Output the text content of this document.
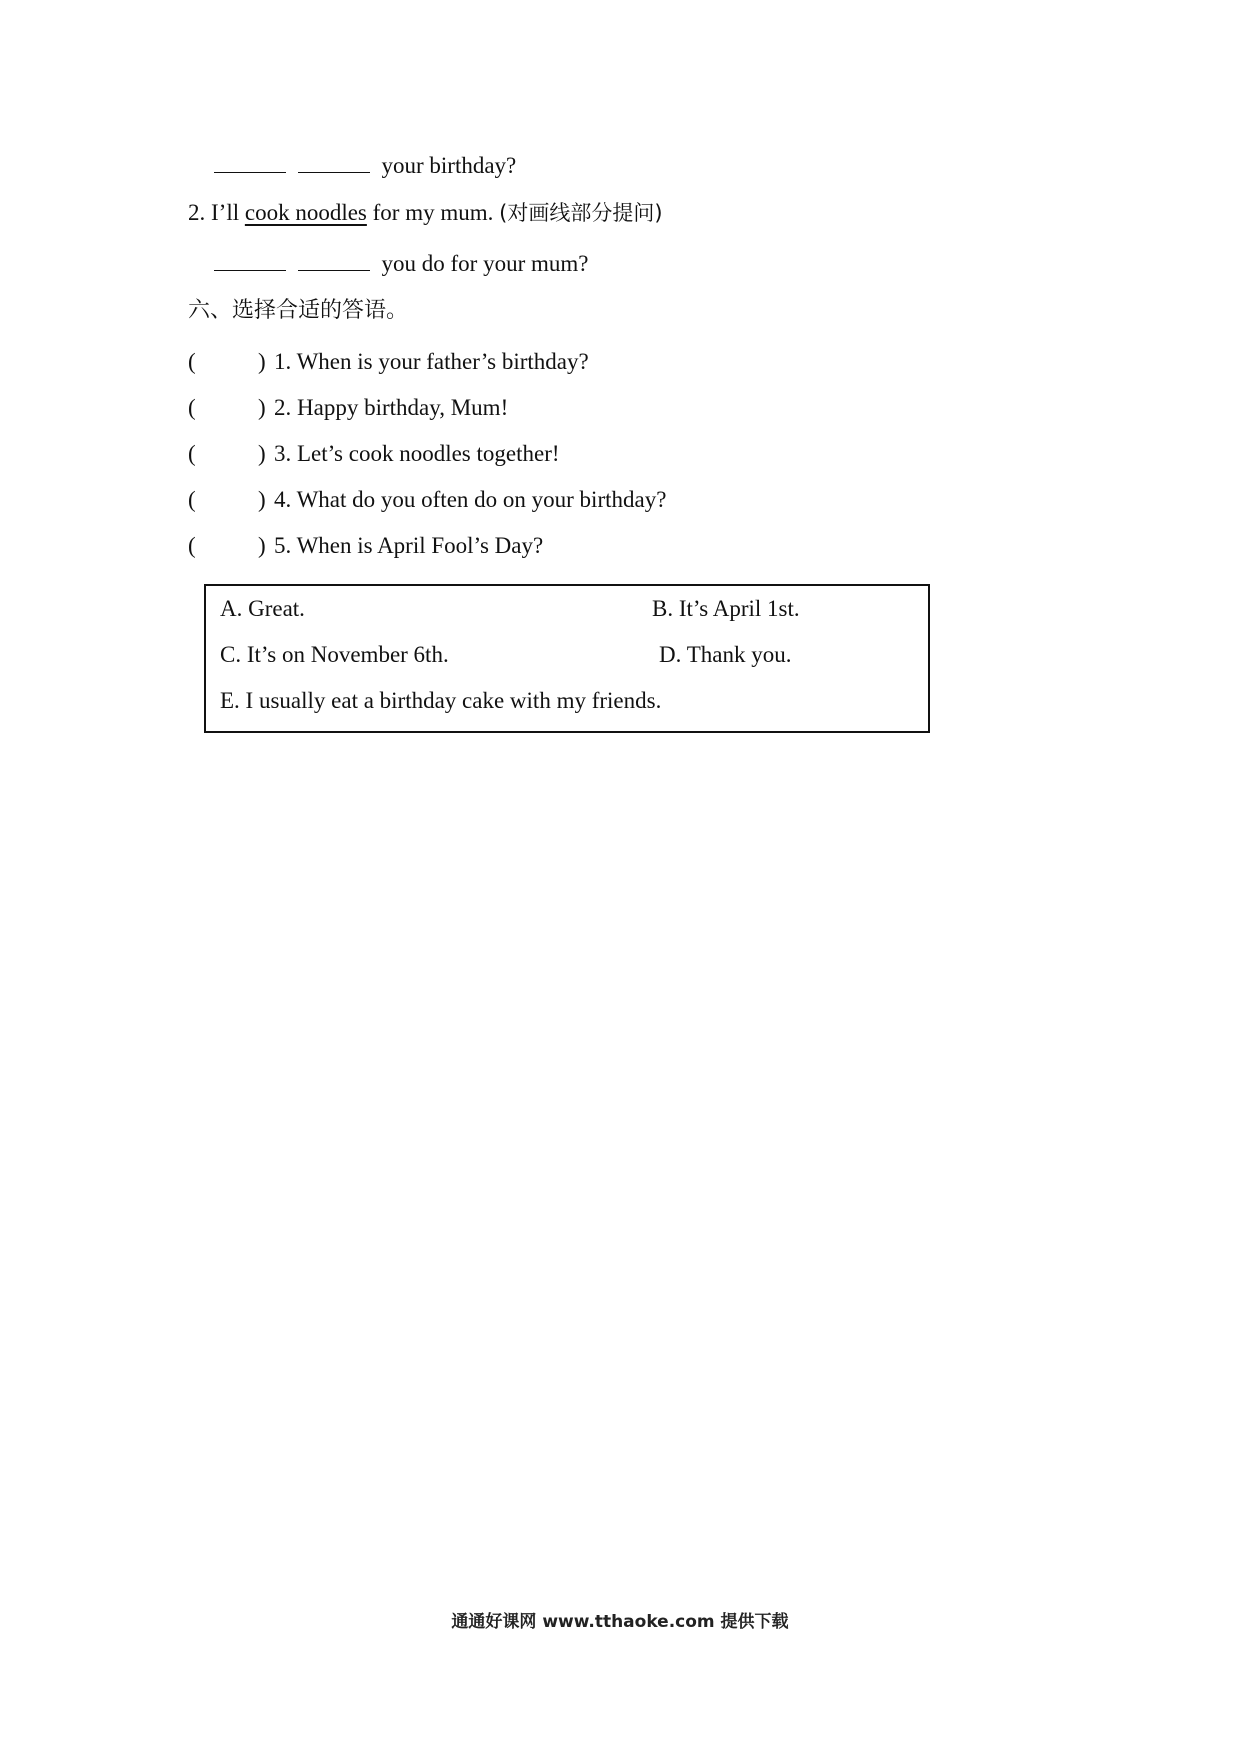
your birthday?
2. I’ll cook noodles for my mum. (对画线部分提问)
you do for your mum?
六、选择合适的答语。
(	) 1. When is your father’s birthday?
(	) 2. Happy birthday, Mum!
(	) 3. Let’s cook noodles together!
(	) 4. What do you often do on your birthday?
(	) 5. When is April Fool’s Day?
A. Great.	B. It’s April 1st.
C. It’s on November 6th.	D. Thank you.
E. I usually eat a birthday cake with my friends.
通通好课网 www.tthaoke.com 提供下载
